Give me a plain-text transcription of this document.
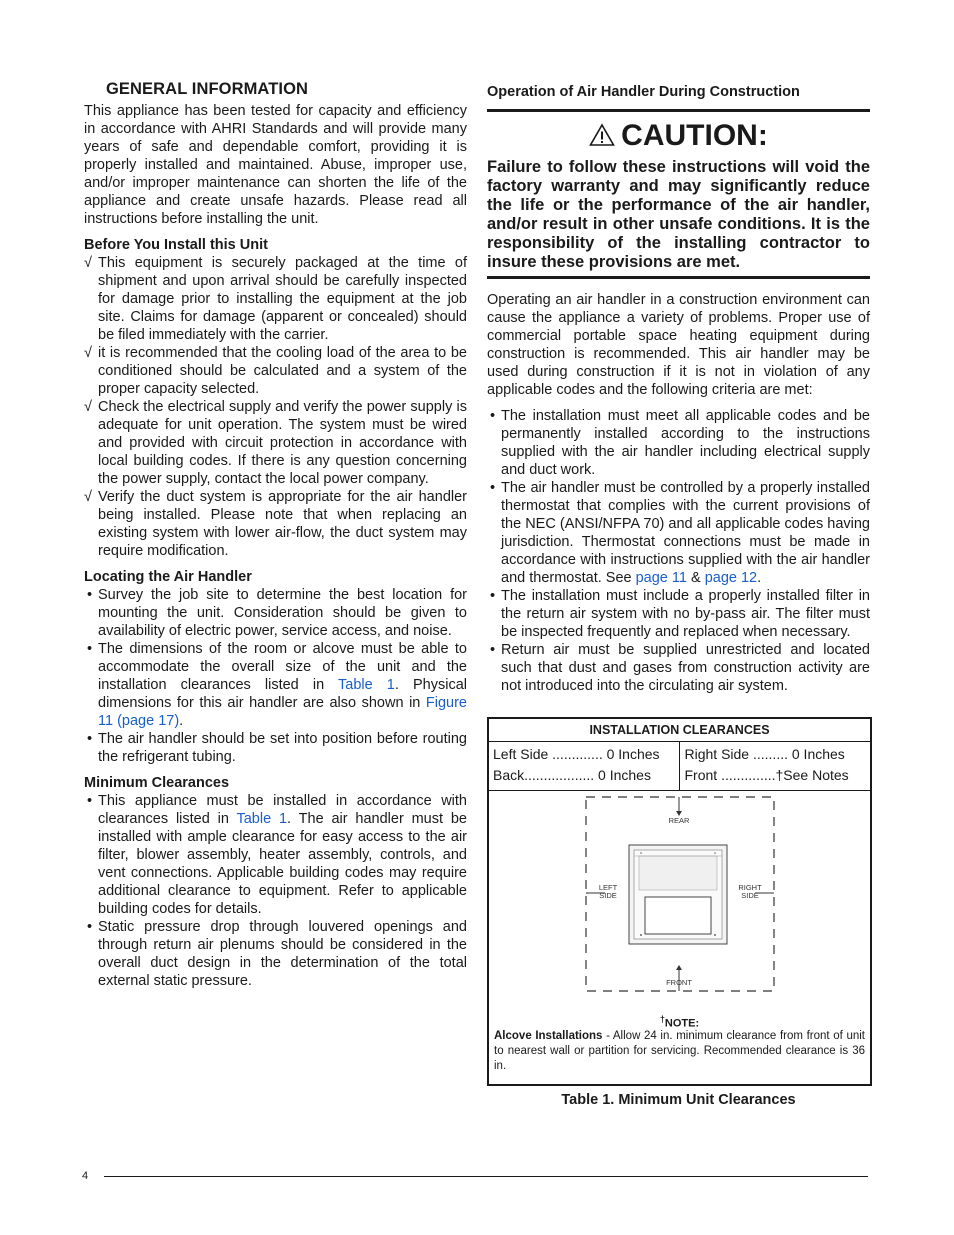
GENERAL INFORMATION

This appliance has been tested for capacity and efficiency in accordance with AHRI Standards and will provide many years of safe and dependable comfort, providing it is properly installed and maintained. Abuse, improper use, and/or improper maintenance can shorten the life of the appliance and create unsafe hazards. Please read all instructions before installing the unit.

Before You Install this Unit
√ This equipment is securely packaged at the time of shipment and upon arrival should be carefully inspected for damage prior to installing the equipment at the job site. Claims for damage (apparent or concealed) should be filed immediately with the carrier.
√ it is recommended that the cooling load of the area to be conditioned should be calculated and a system of the proper capacity selected.
√ Check the electrical supply and verify the power supply is adequate for unit operation. The system must be wired and provided with circuit protection in accordance with local building codes. If there is any question concerning the power supply, contact the local power company.
√ Verify the duct system is appropriate for the air handler being installed. Please note that when replacing an existing system with lower air-flow, the duct system may require modification.
Locating the Air Handler
• Survey the job site to determine the best location for mounting the unit. Consideration should be given to availability of electric power, service access, and noise.
• The dimensions of the room or alcove must be able to accommodate the overall size of the unit and the installation clearances listed in Table 1. Physical dimensions for this air handler are also shown in Figure 11 (page 17).
• The air handler should be set into position before routing the refrigerant tubing.
Minimum Clearances
• This appliance must be installed in accordance with clearances listed in Table 1. The air handler must be installed with ample clearance for easy access to the air filter, blower assembly, heater assembly, controls, and vent connections. Applicable building codes may require additional clearance to equipment. Refer to applicable building codes for details.
• Static pressure drop through louvered openings and through return air plenums should be considered in the overall duct design in the determination of the total external static pressure.
Operation of Air Handler During Construction
CAUTION:
Failure to follow these instructions will void the factory warranty and may significantly reduce the life or the performance of the air handler, and/or result in other unsafe conditions. It is the responsibility of the installing contractor to insure these provisions are met.

Operating an air handler in a construction environment can cause the appliance a variety of problems. Proper use of commercial portable space heating equipment during construction is recommended. This air handler may be used during construction if it is not in violation of any applicable codes and the following criteria are met:

• The installation must meet all applicable codes and be permanently installed according to the instructions supplied with the air handler including electrical supply and duct work.
• The air handler must be controlled by a properly installed thermostat that complies with the current provisions of the NEC (ANSI/NFPA 70) and all applicable codes having jurisdiction. Thermostat connections must be made in accordance with instructions supplied with the air handler and thermostat. See page 11 & page 12.
• The installation must include a properly installed filter in the return air system with no by-pass air. The filter must be inspected frequently and replaced when necessary.
• Return air must be supplied unrestricted and located such that dust and gases from construction activity are not introduced into the circulating air system.
INSTALLATION CLEARANCES
Left Side ............. 0 Inches
Back.................. 0 Inches
Right Side ......... 0 Inches
Front ..............†See Notes
REAR
FRONT
LEFT
SIDE
RIGHT
SIDE
†NOTE:
Alcove Installations - Allow 24 in. minimum clearance from front of unit to nearest wall or partition for servicing. Recommended clearance is 36 in.
Table 1. Minimum Unit Clearances
4
